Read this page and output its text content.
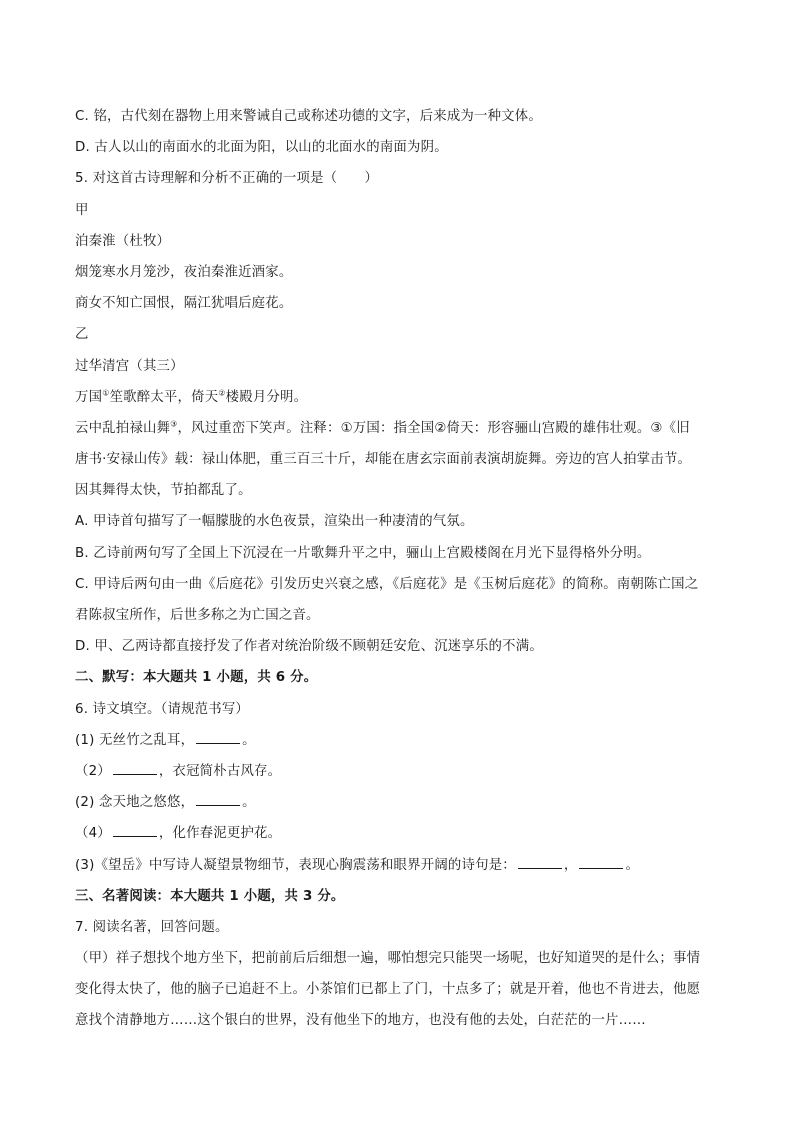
C. 铭，古代刻在器物上用来警诫自己或称述功德的文字，后来成为一种文体。
D. 古人以山的南面水的北面为阳，以山的北面水的南面为阴。
5. 对这首古诗理解和分析不正确的一项是（　　）
甲
泊秦淮（杜牧）
烟笼寒水月笼沙，夜泊秦淮近酒家。
商女不知亡国恨，隔江犹唱后庭花。
乙
过华清宫（其三）
万国①笙歌醉太平，倚天②楼殿月分明。
云中乱拍禄山舞③，风过重峦下笑声。注释：①万国：指全国②倚天：形容骊山宫殿的雄伟壮观。③《旧
唐书·安禄山传》载：禄山体肥，重三百三十斤，却能在唐玄宗面前表演胡旋舞。旁边的宫人拍掌击节。
因其舞得太快，节拍都乱了。
A. 甲诗首句描写了一幅朦胧的水色夜景，渲染出一种凄清的气氛。
B. 乙诗前两句写了全国上下沉浸在一片歌舞升平之中，骊山上宫殿楼阁在月光下显得格外分明。
C. 甲诗后两句由一曲《后庭花》引发历史兴衰之感，《后庭花》是《玉树后庭花》的简称。南朝陈亡国之
君陈叔宝所作，后世多称之为亡国之音。
D. 甲、乙两诗都直接抒发了作者对统治阶级不顾朝廷安危、沉迷享乐的不满。
二、默写：本大题共 1 小题，共 6 分。
6. 诗文填空。（请规范书写）
(1) 无丝竹之乱耳，	。
（2）	，衣冠简朴古风存。
(2) 念天地之悠悠，	。
（4）	，化作春泥更护花。
(3)《望岳》中写诗人凝望景物细节，表现心胸震荡和眼界开阔的诗句是：	，	。
三、名著阅读：本大题共 1 小题，共 3 分。
7. 阅读名著，回答问题。
（甲）祥子想找个地方坐下，把前前后后细想一遍，哪怕想完只能哭一场呢，也好知道哭的是什么；事情
变化得太快了，他的脑子已追赶不上。小茶馆们已都上了门，十点多了；就是开着，他也不肯进去，他愿
意找个清静地方……这个银白的世界，没有他坐下的地方，也没有他的去处，白茫茫的一片……
